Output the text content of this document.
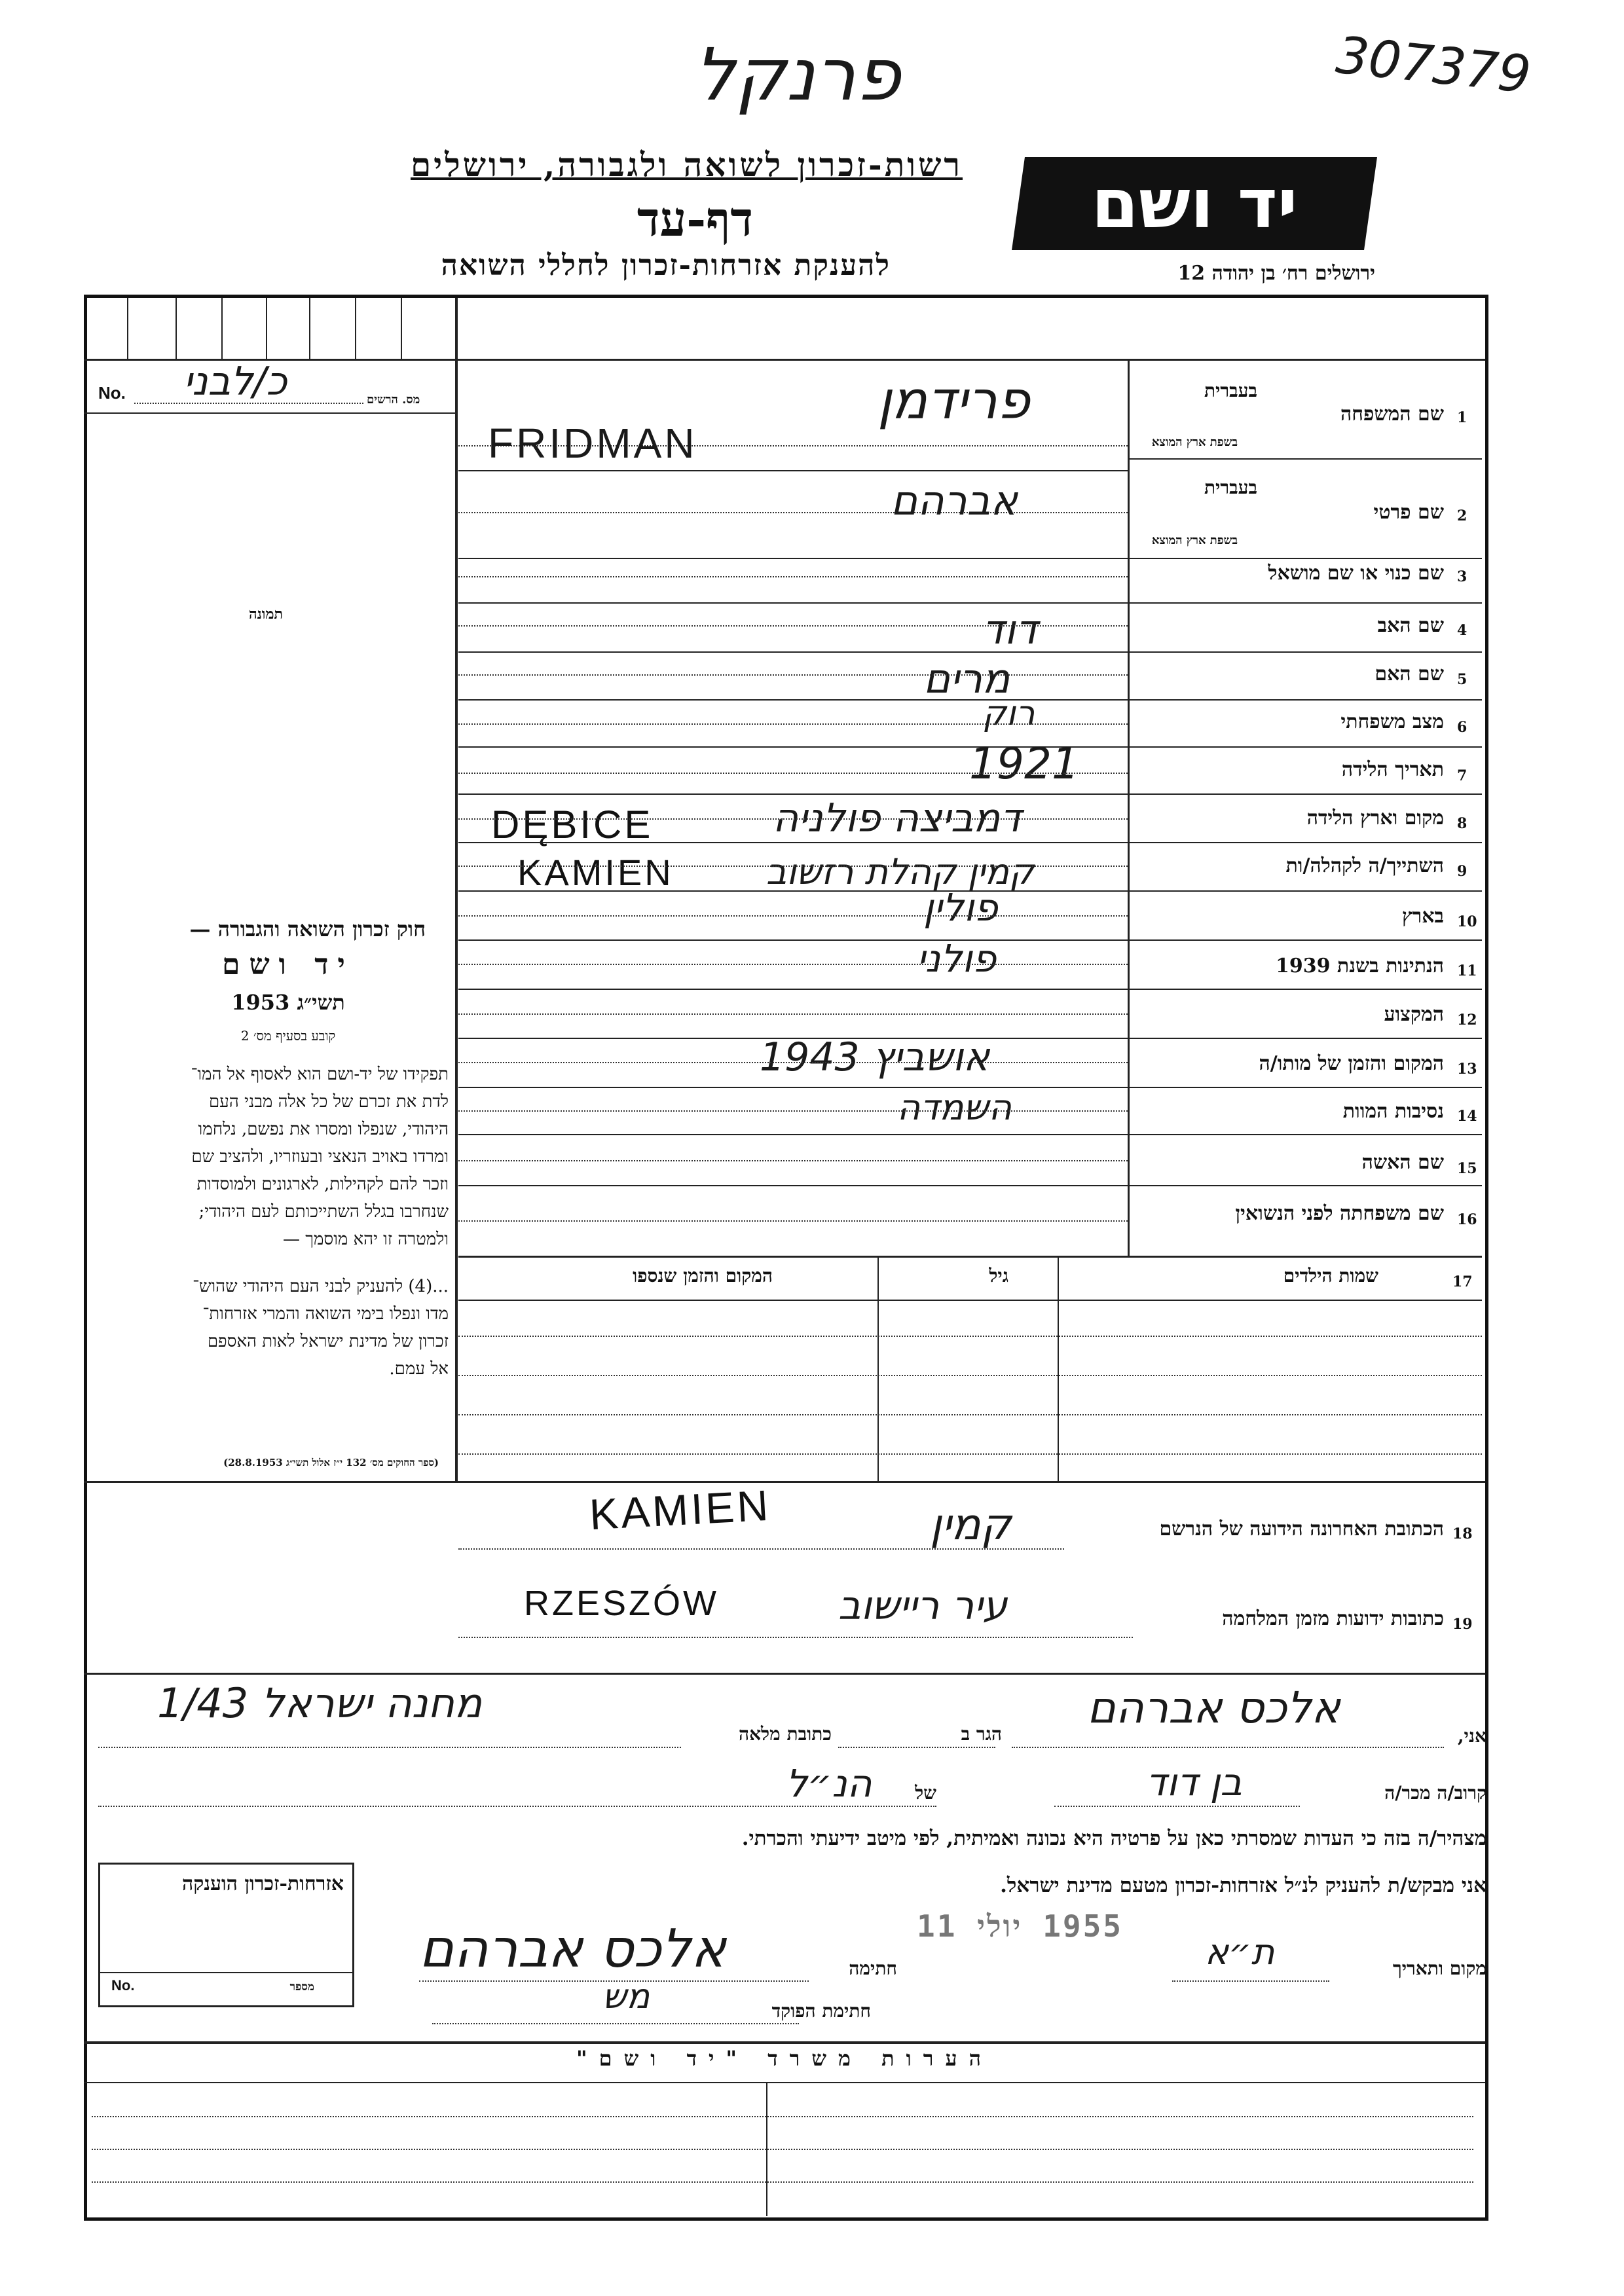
פרנקל	307379
רשות-זכרון לשואה ולגבורה, ירושלים
דף-עד
להענקת אזרחות-זכרון לחללי השואה
יד ושם
ירושלים רח׳ בן יהודה 12
No. כ/לבני	מס. הרשים
תמונה
חוק זכרון השואה והגבורה —
יד ושם
תשי״ג 1953
קובע בסעיף מס׳ 2
תפקידו של יד-ושם הוא לאסוף אל המו־
לדת את זכרם של כל אלה מבני העם
היהודי, שנפלו ומסרו את נפשם, נלחמו
ומרדו באויב הנאצי ובעוזריו, ולהציב שם
וזכר להם לקהילות, לארגונים ולמוסדות
שנחרבו בגלל השתייכותם לעם היהודי;
ולמטרה זו יהא מוסמך —
...(4) להעניק לבני העם היהודי שהוש־
מדו ונפלו בימי השואה והמרי אזרחות־
זכרון של מדינת ישראל לאות האספם
אל עמם.
(ספר החוקים מס׳ 132 י״ז אלול תשי״ג 28.8.1953)
1
בעברית
שם המשפחה
בשפת ארץ המוצא
פרידמן
FRIDMAN
2
בעברית
שם פרטי
בשפת ארץ המוצא
אברהם
3
שם כנוי או שם מושאל
4
שם האב
דוד
5
שם האם
מרים
6
מצב משפחתי
רוק
7
תאריך הלידה
1921
8
מקום וארץ הלידה
דמביצה פולניה
DĘBICE
9
השתייך/ה לקהלה/ות
קמין קהלת רזשוב
KAMIEN
10
בארץ
פולין
11
הנתינות בשנת 1939
פולני
12
המקצוע
13
המקום והזמן של מותו/ה
אושביץ 1943
14
נסיבות המוות
השמדה
15
שם האשה
16
שם משפחתה לפני הנשואין
17
שמות הילדים
גיל
המקום והזמן שנספו
18
הכתובת האחרונה הידועה של הנרשם
קמין
KAMIEN
19
כתובות ידועות מזמן המלחמה
עיר ריישוב
RZESZÓW
אני,
אלכס אברהם
הגר ב
כתובת מלאה
מחנה ישראל 1/43
קרוב/ה מכר/ה
בן דוד
של
הנ״ל
מצהיר/ה בזה כי העדות שמסרתי כאן על פרטיה היא נכונה ואמיתית, לפי מיטב ידיעתי והכרתי.
אני מבקש/ת להעניק לנ״ל אזרחות-זכרון מטעם מדינת ישראל.
מקום ותאריך
ת״א
1955 יולי 11
חתימה
אלכס אברהם
חתימת הפוקד
מש
אזרחות-זכרון הוענקה
No.	מספר
הערות משרד "יד ושם"
